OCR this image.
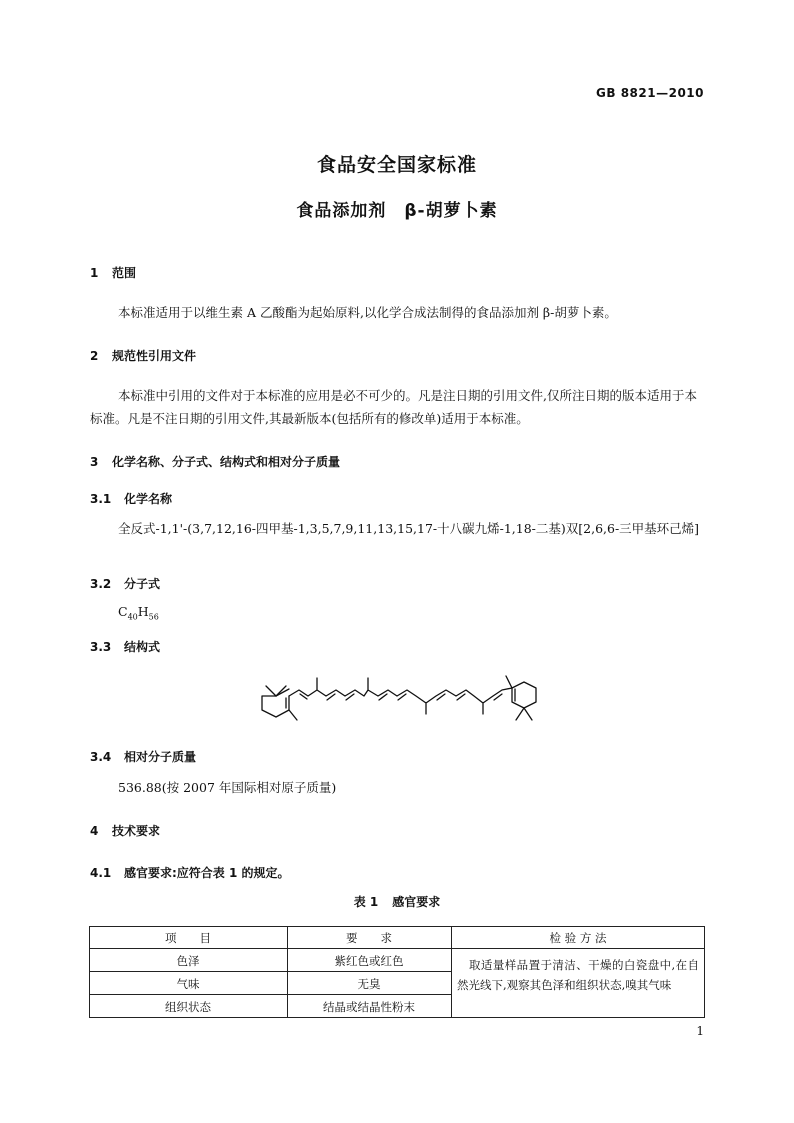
GB 8821—2010
食品安全国家标准
食品添加剂　β-胡萝卜素
1 范围
本标准适用于以维生素 A 乙酸酯为起始原料,以化学合成法制得的食品添加剂 β-胡萝卜素。
2 规范性引用文件
本标准中引用的文件对于本标准的应用是必不可少的。凡是注日期的引用文件,仅所注日期的版本适用于本标准。凡是不注日期的引用文件,其最新版本(包括所有的修改单)适用于本标准。
3 化学名称、分子式、结构式和相对分子质量
3.1 化学名称
全反式-1,1'-(3,7,12,16-四甲基-1,3,5,7,9,11,13,15,17-十八碳九烯-1,18-二基)双[2,6,6-三甲基环己烯]
3.2 分子式
$C_{40}H_{56}$
3.3 结构式
3.4 相对分子质量
536.88(按 2007 年国际相对原子质量)
4 技术要求
4.1 感官要求:应符合表 1 的规定。
表 1 感官要求
项　　目	要　　求	检 验 方 法
色泽	紫红色或红色
气味	无臭
组织状态	结晶或结晶性粉末
取适量样品置于清洁、干燥的白瓷盘中,在自然光线下,观察其色泽和组织状态,嗅其气味
1
